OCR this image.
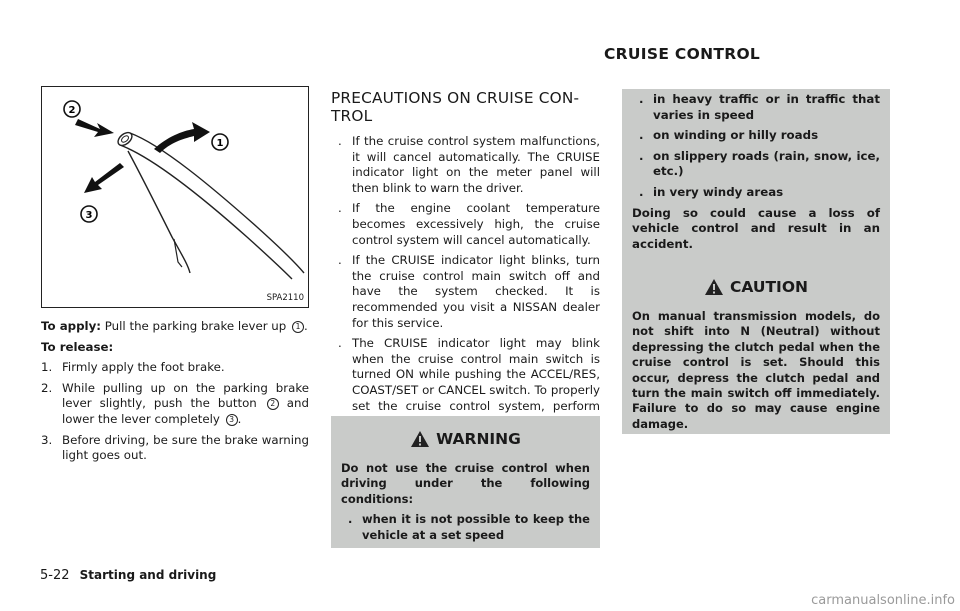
CRUISE CONTROL
2
1
3
SPA2110

To apply: Pull the parking brake lever up 1 .

To release:

1. Firmly apply the foot brake.
2. While pulling up on the parking brake lever slightly, push the button 2 and lower the lever completely 3 .
3. Before driving, be sure the brake warning light goes out.
PRECAUTIONS ON CRUISE CON-TROL
. If the cruise control system malfunctions, it will cancel automatically. The CRUISE indicator light on the meter panel will then blink to warn the driver.
. If the engine coolant temperature becomes excessively high, the cruise control system will cancel automatically.
. If the CRUISE indicator light blinks, turn the cruise control main switch off and have the system checked. It is recommended you visit a NISSAN dealer for this service.
. The CRUISE indicator light may blink when the cruise control main switch is turned ON while pushing the ACCEL/RES, COAST/SET or CANCEL switch. To properly set the cruise control system, perform
WARNING

Do not use the cruise control when driving under the following conditions:

. when it is not possible to keep the vehicle at a set speed
. in heavy traffic or in traffic that varies in speed
. on winding or hilly roads
. on slippery roads (rain, snow, ice, etc.)
. in very windy areas

Doing so could cause a loss of vehicle control and result in an accident.

CAUTION

On manual transmission models, do not shift into N (Neutral) without depressing the clutch pedal when the cruise control is set. Should this occur, depress the clutch pedal and turn the main switch off immediately. Failure to do so may cause engine damage.

5-22 Starting and driving
carmanualsonline.info
